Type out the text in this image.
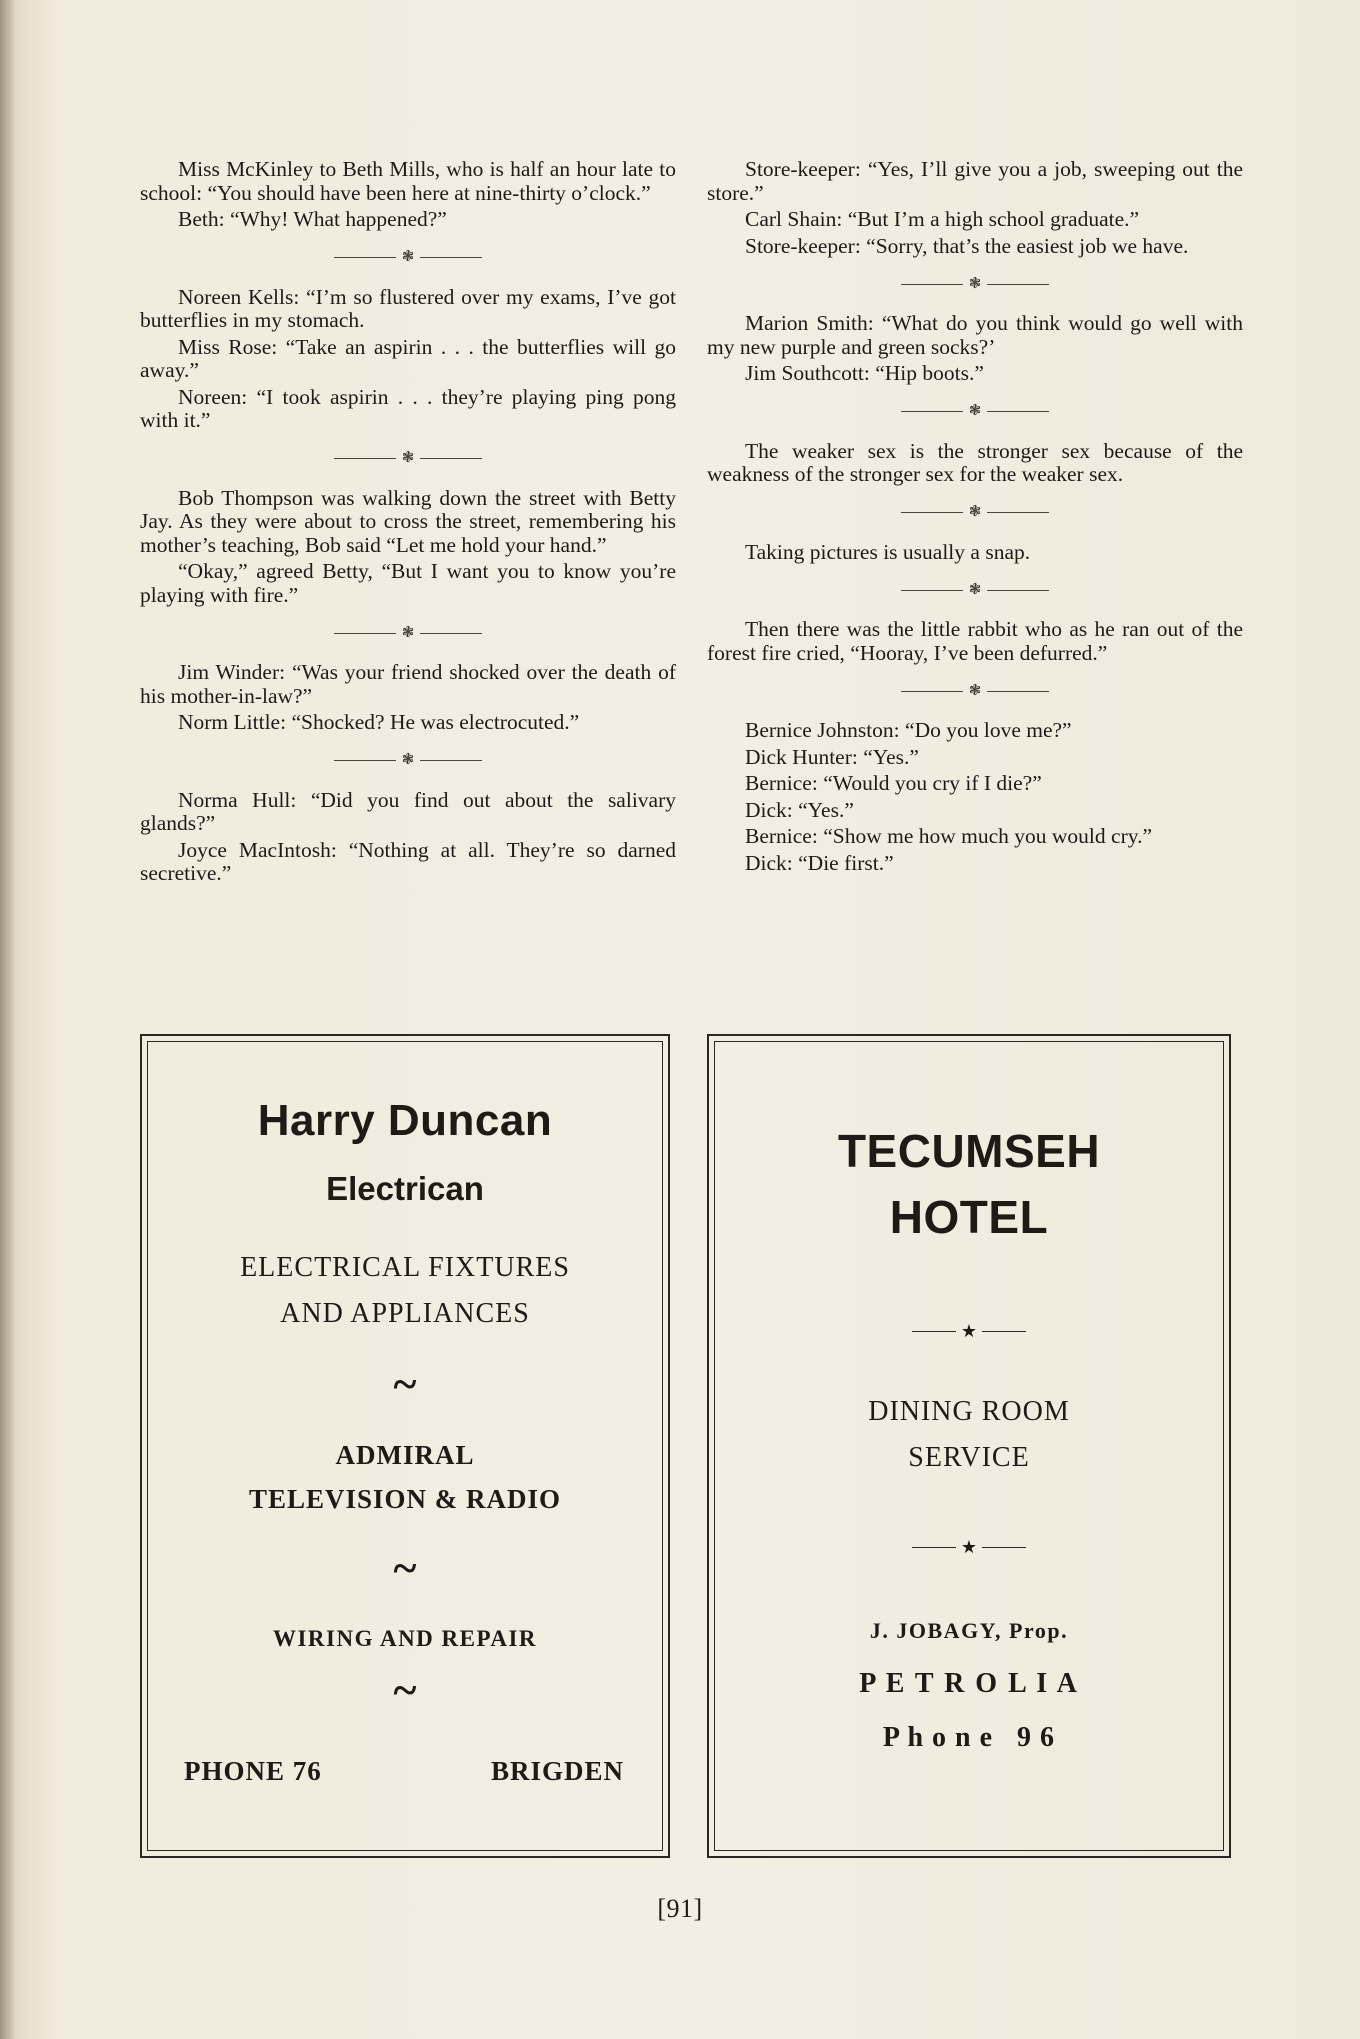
Miss McKinley to Beth Mills, who is half an hour late to school: “You should have been here at nine-thirty o’clock.”

Beth: “Why! What happened?”

❃

Noreen Kells: “I’m so flustered over my exams, I’ve got butterflies in my stomach.

Miss Rose: “Take an aspirin . . . the butterflies will go away.”

Noreen: “I took aspirin . . . they’re playing ping pong with it.”

❃

Bob Thompson was walking down the street with Betty Jay. As they were about to cross the street, remembering his mother’s teaching, Bob said “Let me hold your hand.”

“Okay,” agreed Betty, “But I want you to know you’re playing with fire.”

❃

Jim Winder: “Was your friend shocked over the death of his mother-in-law?”

Norm Little: “Shocked? He was electrocuted.”

❃

Norma Hull: “Did you find out about the salivary glands?”

Joyce MacIntosh: “Nothing at all. They’re so darned secretive.”

Store-keeper: “Yes, I’ll give you a job, sweeping out the store.”

Carl Shain: “But I’m a high school graduate.”

Store-keeper: “Sorry, that’s the easiest job we have.

❃

Marion Smith: “What do you think would go well with my new purple and green socks?’

Jim Southcott: “Hip boots.”

❃

The weaker sex is the stronger sex because of the weakness of the stronger sex for the weaker sex.

❃

Taking pictures is usually a snap.

❃

Then there was the little rabbit who as he ran out of the forest fire cried, “Hooray, I’ve been defurred.”

❃

Bernice Johnston: “Do you love me?”

Dick Hunter: “Yes.”

Bernice: “Would you cry if I die?”

Dick: “Yes.”

Bernice: “Show me how much you would cry.”

Dick: “Die first.”

Harry Duncan
Electrican
ELECTRICAL FIXTURES
AND APPLIANCES
~
ADMIRAL
TELEVISION & RADIO
~
WIRING AND REPAIR
~
PHONE 76	BRIGDEN
TECUMSEH
HOTEL
★
DINING ROOM
SERVICE
★
J. JOBAGY, Prop.
P E T R O L I A
P h o n e   9 6
[91]
